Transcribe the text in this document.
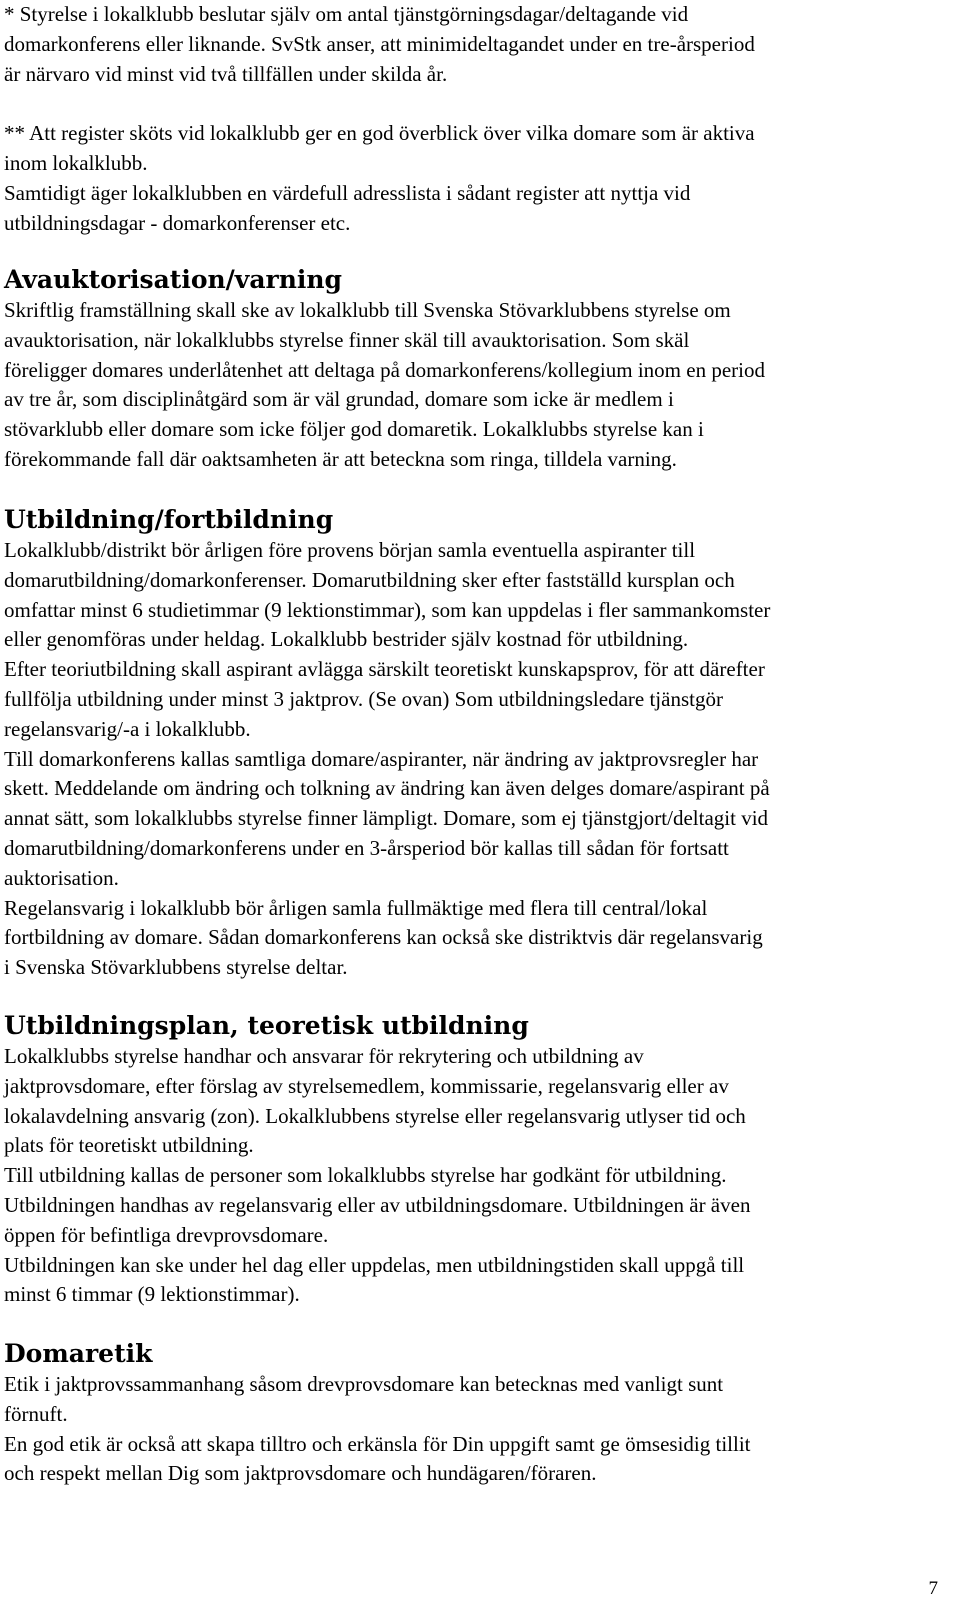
* Styrelse i lokalklubb beslutar själv om antal tjänstgörningsdagar/deltagande vid

domarkonferens eller liknande. SvStk anser, att minimideltagandet under en tre-årsperiod

är närvaro vid minst vid två tillfällen under skilda år.

** Att register sköts vid lokalklubb ger en god överblick över vilka domare som är aktiva

inom lokalklubb.

Samtidigt äger lokalklubben en värdefull adresslista i sådant register att nyttja vid

utbildningsdagar - domarkonferenser etc.

Avauktorisation/varning

Skriftlig framställning skall ske av lokalklubb till Svenska Stövarklubbens styrelse om

avauktorisation, när lokalklubbs styrelse finner skäl till avauktorisation. Som skäl

föreligger domares underlåtenhet att deltaga på domarkonferens/kollegium inom en period

av tre år, som disciplinåtgärd som är väl grundad, domare som icke är medlem i

stövarklubb eller domare som icke följer god domaretik. Lokalklubbs styrelse kan i

förekommande fall där oaktsamheten är att beteckna som ringa, tilldela varning.

Utbildning/fortbildning

Lokalklubb/distrikt bör årligen före provens början samla eventuella aspiranter till

domarutbildning/domarkonferenser. Domarutbildning sker efter fastställd kursplan och

omfattar minst 6 studietimmar (9 lektionstimmar), som kan uppdelas i fler sammankomster

eller genomföras under heldag. Lokalklubb bestrider själv kostnad för utbildning.

Efter teoriutbildning skall aspirant avlägga särskilt teoretiskt kunskapsprov, för att därefter

fullfölja utbildning under minst 3 jaktprov. (Se ovan) Som utbildningsledare tjänstgör

regelansvarig/-a i lokalklubb.

Till domarkonferens kallas samtliga domare/aspiranter, när ändring av jaktprovsregler har

skett. Meddelande om ändring och tolkning av ändring kan även delges domare/aspirant på

annat sätt, som lokalklubbs styrelse finner lämpligt. Domare, som ej tjänstgjort/deltagit vid

domarutbildning/domarkonferens under en 3-årsperiod bör kallas till sådan för fortsatt

auktorisation.

Regelansvarig i lokalklubb bör årligen samla fullmäktige med flera till central/lokal

fortbildning av domare. Sådan domarkonferens kan också ske distriktvis där regelansvarig

i Svenska Stövarklubbens styrelse deltar.

Utbildningsplan, teoretisk utbildning

Lokalklubbs styrelse handhar och ansvarar för rekrytering och utbildning av

jaktprovsdomare, efter förslag av styrelsemedlem, kommissarie, regelansvarig eller av

lokalavdelning ansvarig (zon). Lokalklubbens styrelse eller regelansvarig utlyser tid och

plats för teoretiskt utbildning.

Till utbildning kallas de personer som lokalklubbs styrelse har godkänt för utbildning.

Utbildningen handhas av regelansvarig eller av utbildningsdomare. Utbildningen är även

öppen för befintliga drevprovsdomare.

Utbildningen kan ske under hel dag eller uppdelas, men utbildningstiden skall uppgå till

minst 6 timmar (9 lektionstimmar).

Domaretik

Etik i jaktprovssammanhang såsom drevprovsdomare kan betecknas med vanligt sunt

förnuft.

En god etik är också att skapa tilltro och erkänsla för Din uppgift samt ge ömsesidig tillit

och respekt mellan Dig som jaktprovsdomare och hundägaren/föraren.

7
